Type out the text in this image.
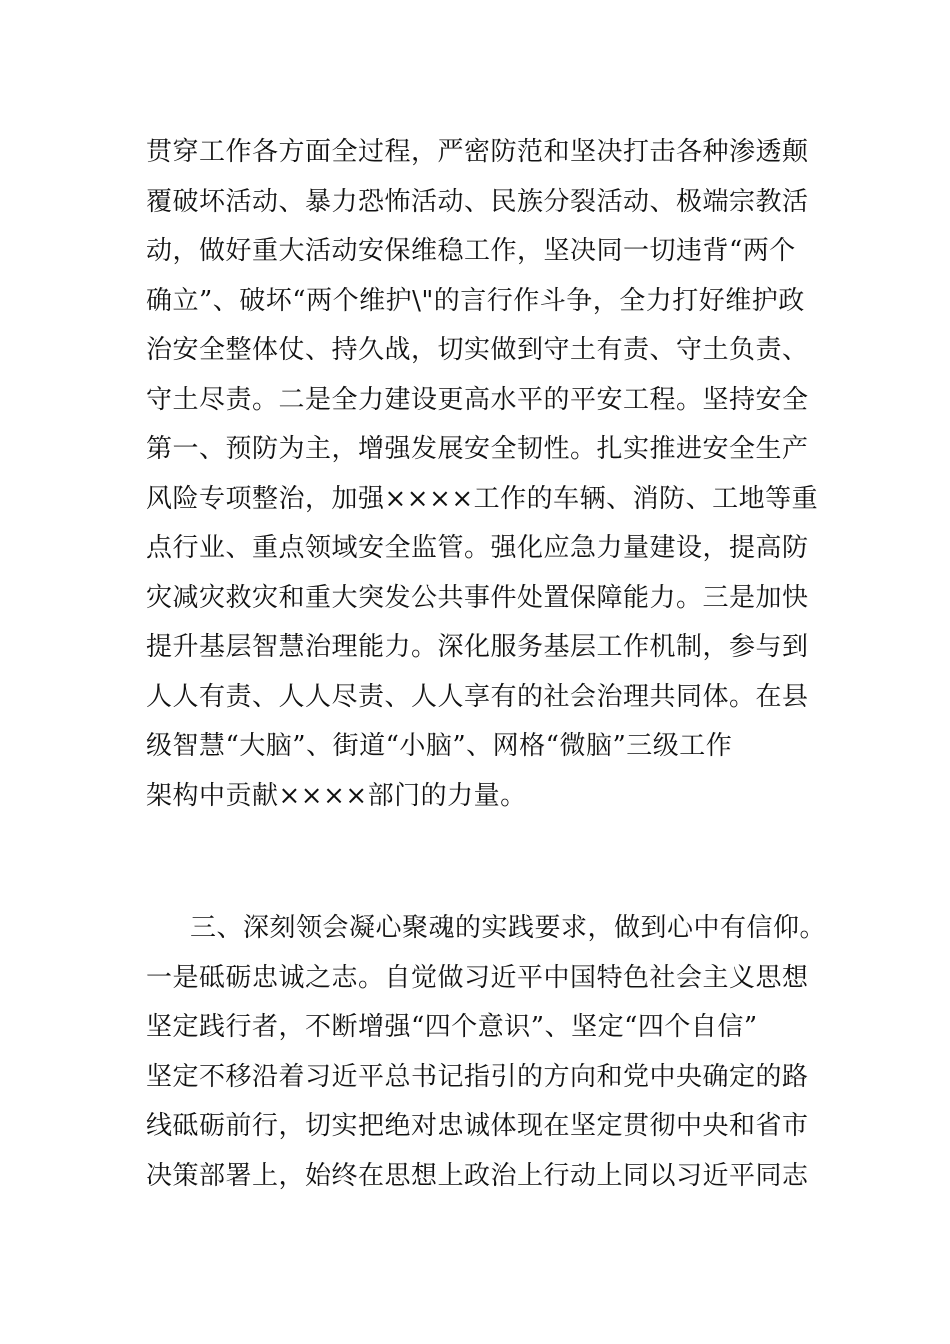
贯穿工作各方面全过程，严密防范和坚决打击各种渗透颠
覆破坏活动、暴力恐怖活动、民族分裂活动、极端宗教活
动，做好重大活动安保维稳工作，坚决同一切违背“两个
确立”、破坏“两个维护\"的言行作斗争，全力打好维护政
治安全整体仗、持久战，切实做到守土有责、守土负责、
守土尽责。二是全力建设更高水平的平安工程。坚持安全
第一、预防为主，增强发展安全韧性。扎实推进安全生产
风险专项整治，加强××××工作的车辆、消防、工地等重
点行业、重点领域安全监管。强化应急力量建设，提高防
灾减灾救灾和重大突发公共事件处置保障能力。三是加快
提升基层智慧治理能力。深化服务基层工作机制，参与到
人人有责、人人尽责、人人享有的社会治理共同体。在县
级智慧“大脑”、街道“小脑”、网格“微脑”三级工作
架构中贡献××××部门的力量。
三、深刻领会凝心聚魂的实践要求，做到心中有信仰。
一是砥砺忠诚之志。自觉做习近平中国特色社会主义思想
坚定践行者，不断增强“四个意识”、坚定“四个自信”
坚定不移沿着习近平总书记指引的方向和党中央确定的路
线砥砺前行，切实把绝对忠诚体现在坚定贯彻中央和省市
决策部署上，始终在思想上政治上行动上同以习近平同志
